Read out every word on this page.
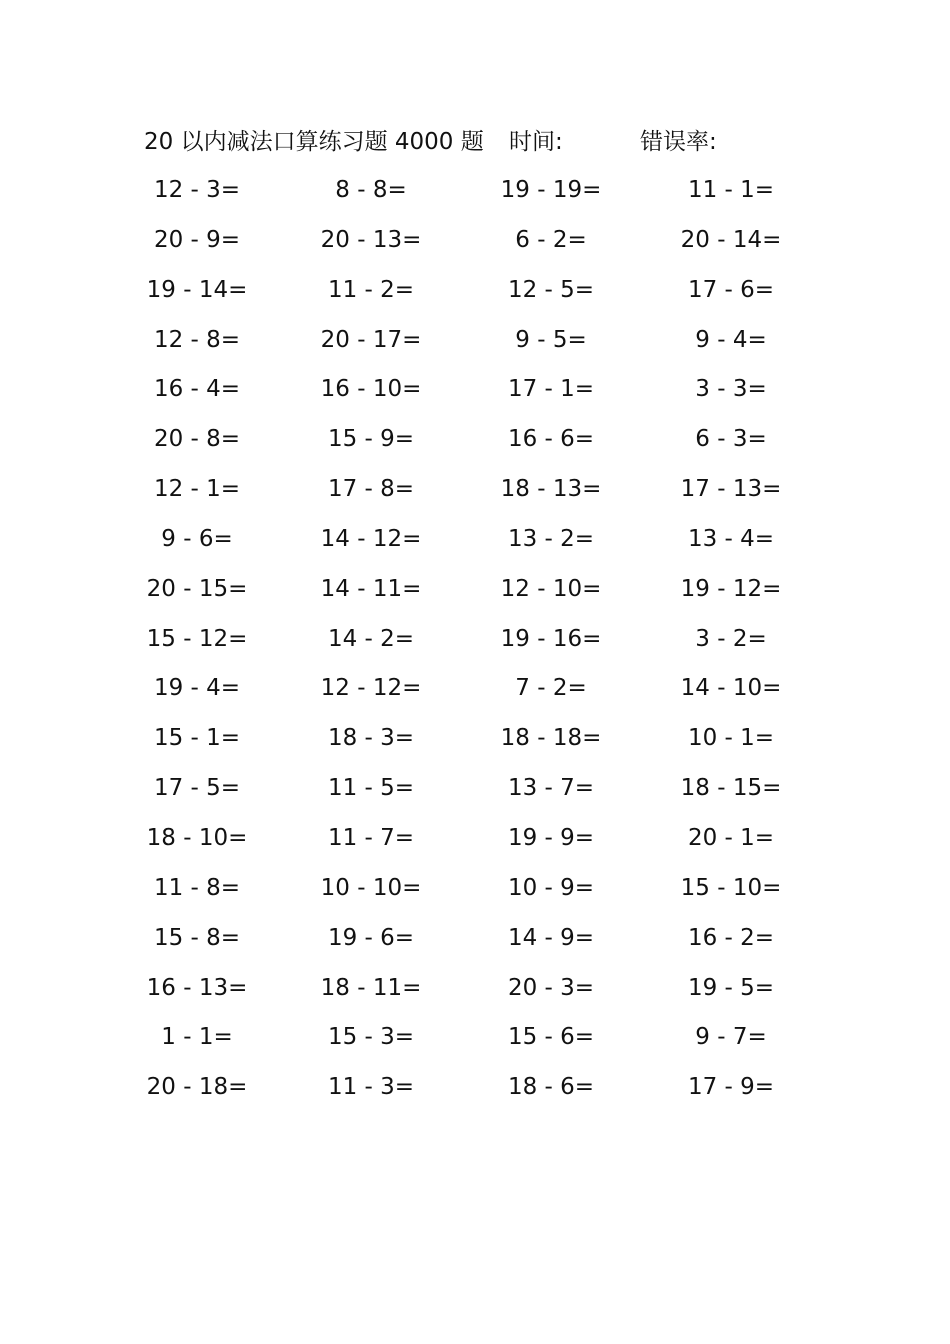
20 以内减法口算练习题 4000 题 时间:	错误率:
12 - 3=	8 - 8=	19 - 19=	11 - 1=
20 - 9=	20 - 13=	6 - 2=	20 - 14=
19 - 14=	11 - 2=	12 - 5=	17 - 6=
12 - 8=	20 - 17=	9 - 5=	9 - 4=
16 - 4=	16 - 10=	17 - 1=	3 - 3=
20 - 8=	15 - 9=	16 - 6=	6 - 3=
12 - 1=	17 - 8=	18 - 13=	17 - 13=
9 - 6=	14 - 12=	13 - 2=	13 - 4=
20 - 15=	14 - 11=	12 - 10=	19 - 12=
15 - 12=	14 - 2=	19 - 16=	3 - 2=
19 - 4=	12 - 12=	7 - 2=	14 - 10=
15 - 1=	18 - 3=	18 - 18=	10 - 1=
17 - 5=	11 - 5=	13 - 7=	18 - 15=
18 - 10=	11 - 7=	19 - 9=	20 - 1=
11 - 8=	10 - 10=	10 - 9=	15 - 10=
15 - 8=	19 - 6=	14 - 9=	16 - 2=
16 - 13=	18 - 11=	20 - 3=	19 - 5=
1 - 1=	15 - 3=	15 - 6=	9 - 7=
20 - 18=	11 - 3=	18 - 6=	17 - 9=
